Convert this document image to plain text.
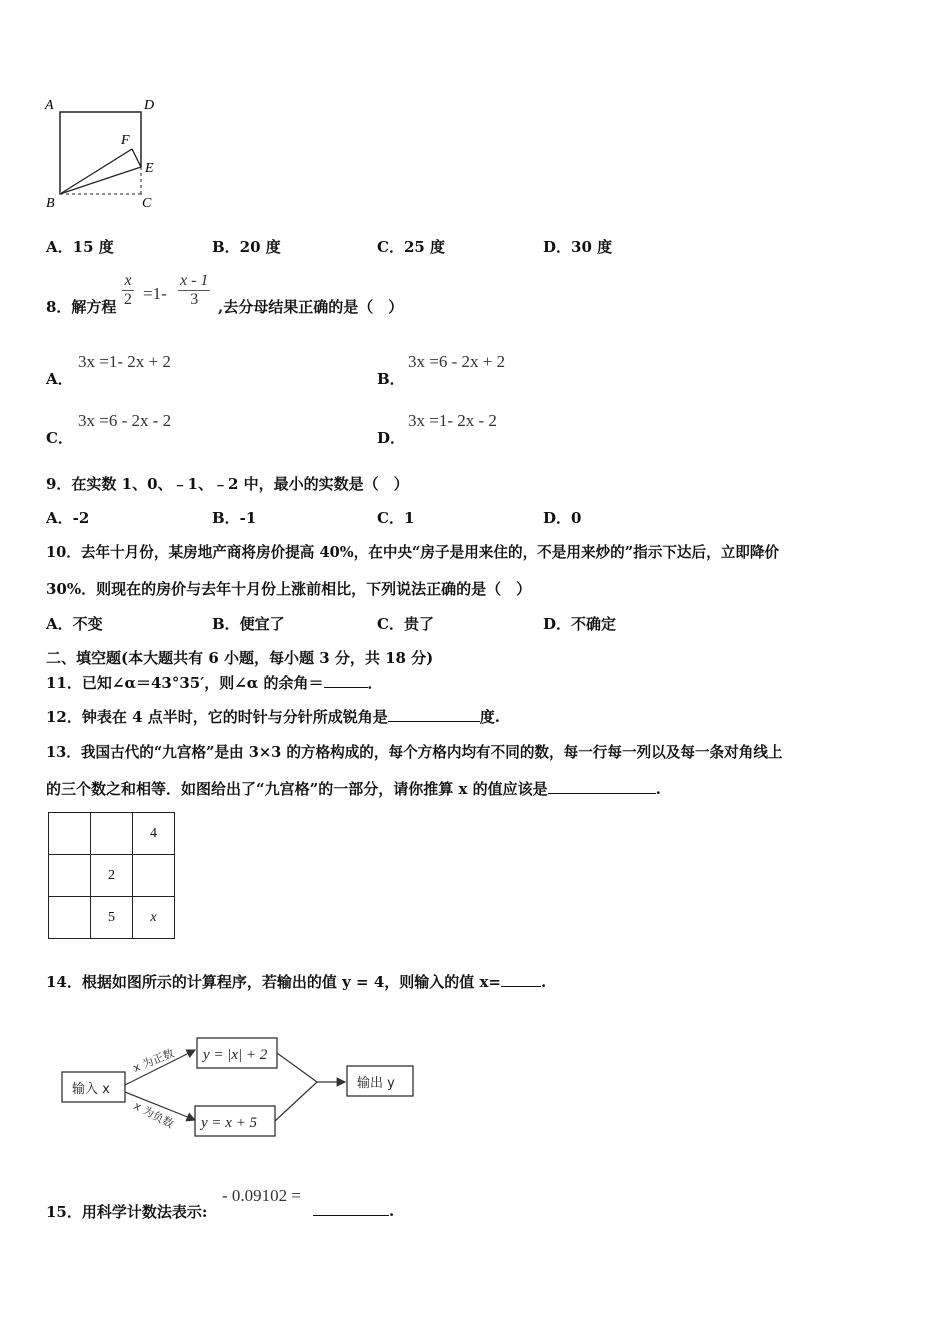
A	D
B	C
E
F
A．15 度	B．20 度	C．25 度	D．30 度
8．解方程 $\frac{x}{2} =1- \frac{x - 1}{3}$ ,去分母结果正确的是（　）
A．
3x =1- 2x + 2
B．
3x =6 - 2x + 2
C．
3x =6 - 2x - 2
D．
3x =1- 2x - 2
9．在实数 1、0、﹣1、﹣2 中，最小的实数是（　）
A．-2	B．-1	C．1	D．0
10．去年十月份，某房地产商将房价提高 40%，在中央“房子是用来住的，不是用来炒的”指示下达后，立即降价
30%．则现在的房价与去年十月份上涨前相比，下列说法正确的是（　）
A．不变	B．便宜了	C．贵了	D．不确定
二、填空题(本大题共有 6 小题，每小题 3 分，共 18 分)
11．已知∠α＝43°35′，则∠α 的余角＝	．
12．钟表在 4 点半时，它的时针与分针所成锐角是	度.
13．我国古代的“九宫格”是由 3×3 的方格构成的，每个方格内均有不同的数，每一行每一列以及每一条对角线上
的三个数之和相等．如图给出了“九宫格”的一部分，请你推算 x 的值应该是	.
		4
	2	
	5	x
14．根据如图所示的计算程序，若输出的值 y = 4，则输入的值 x=	.
输入 x
x 为正数
x 为负数
y = |x| + 2
y = x + 5
输出 y
15．用科学计数法表示:
- 0.09102 =
.
